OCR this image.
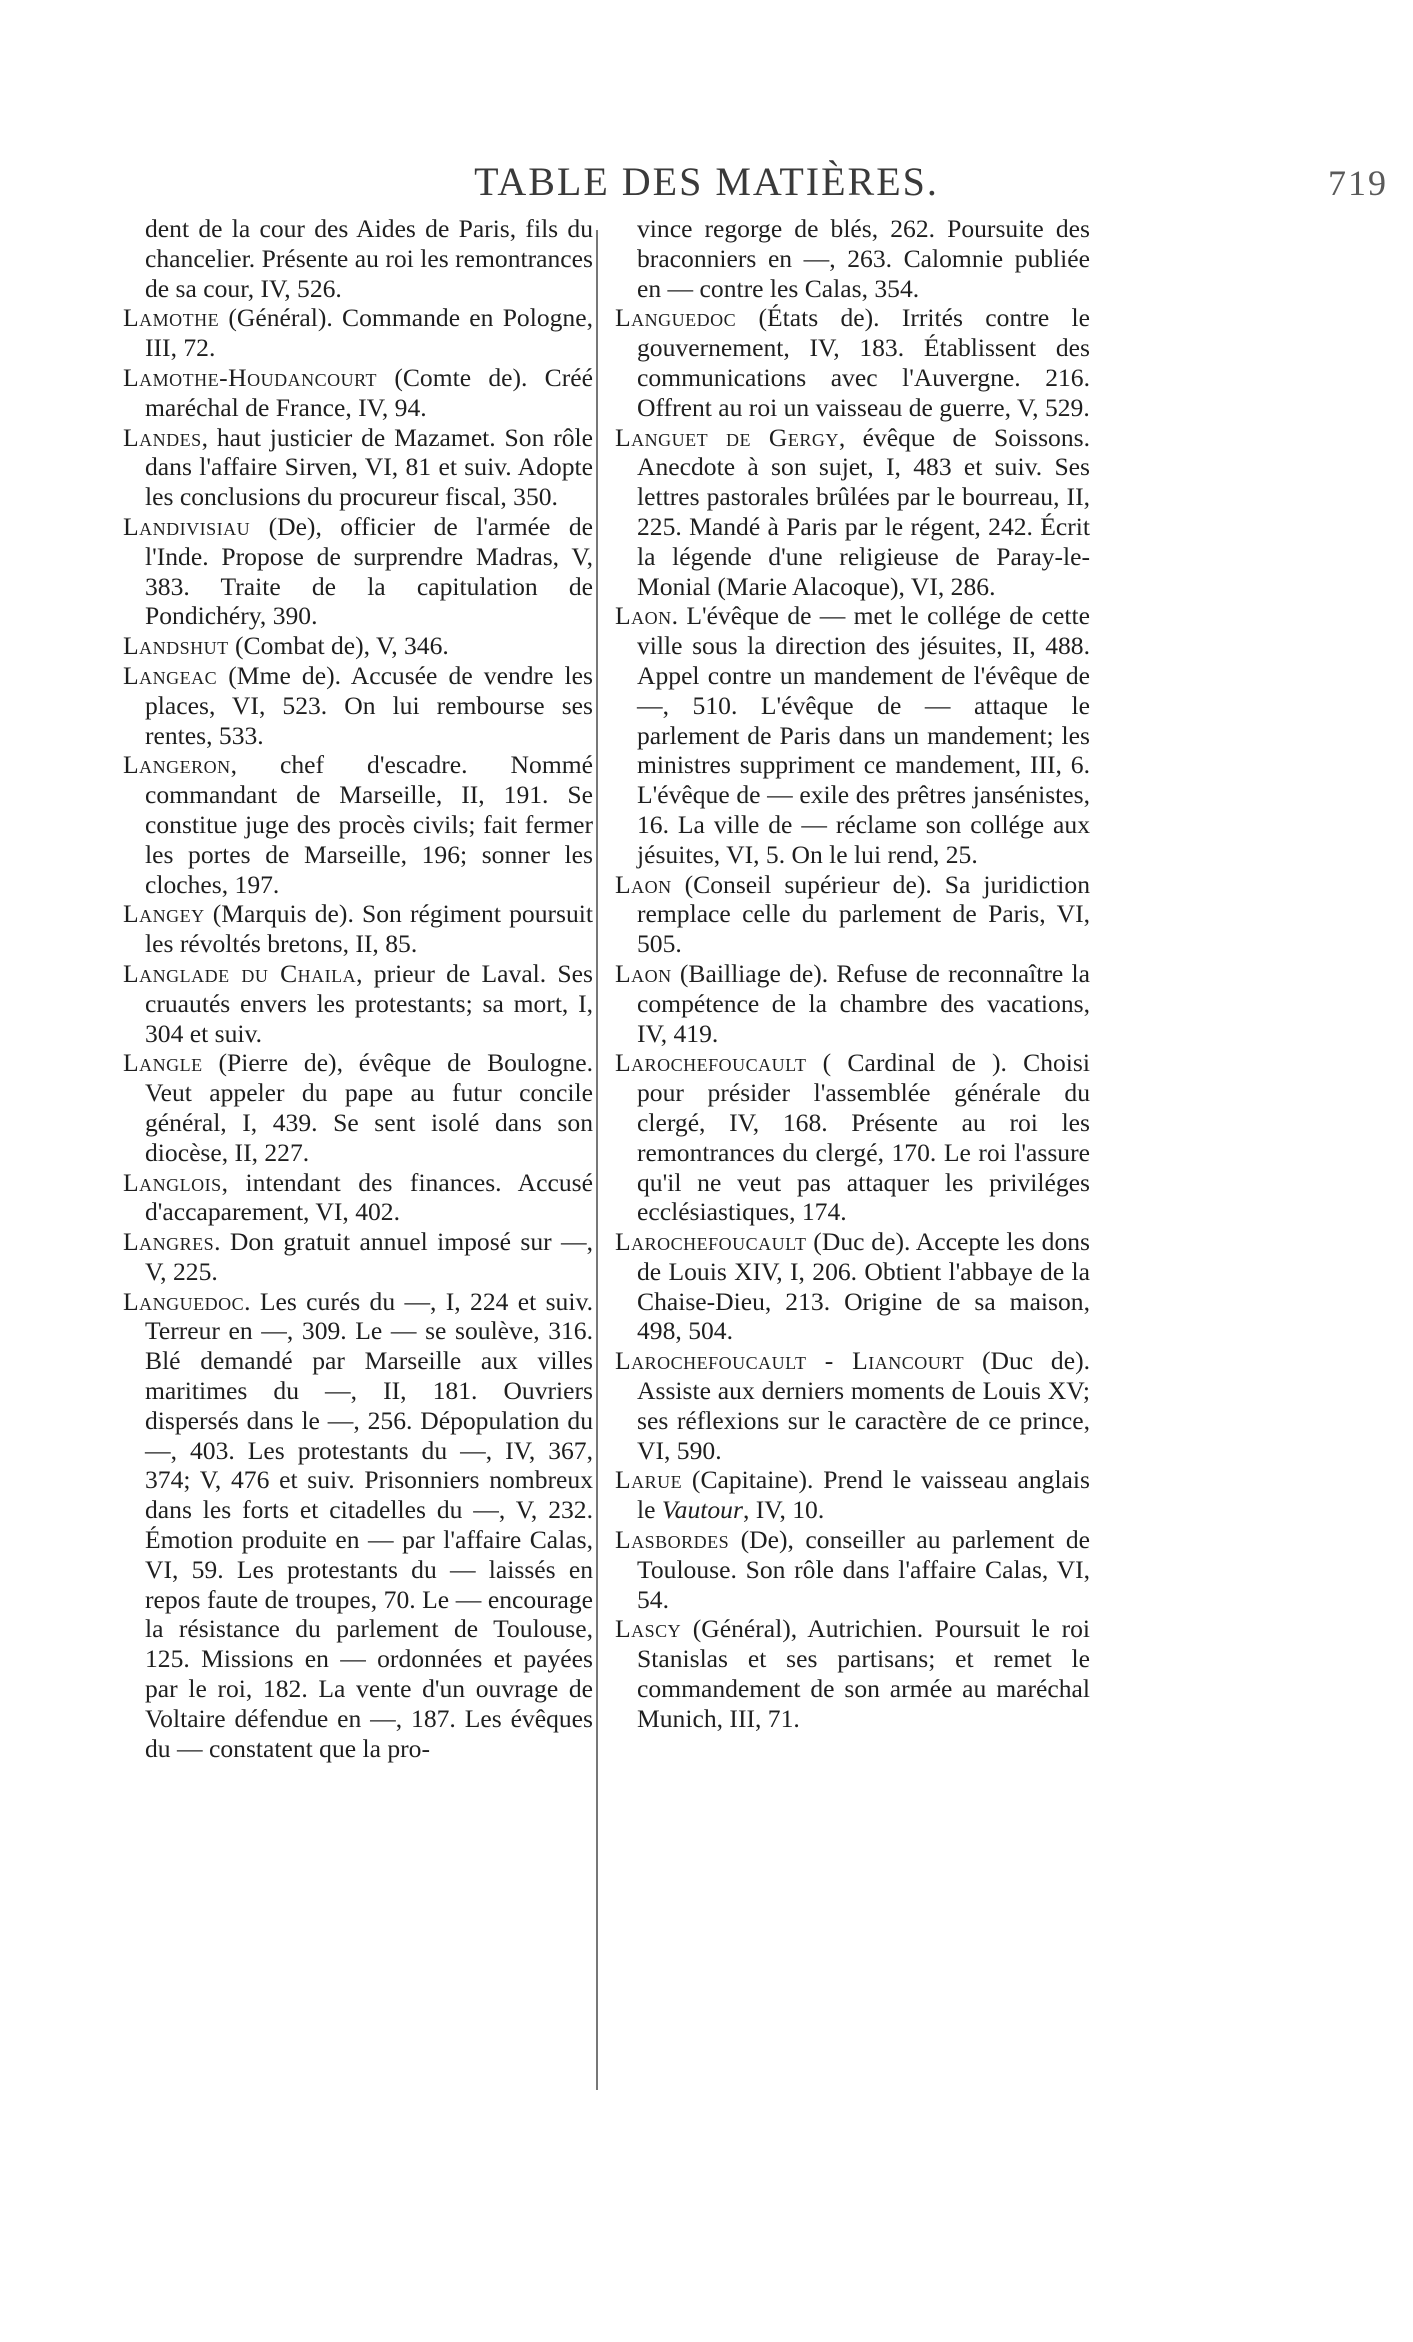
TABLE DES MATIÈRES.	719

dent de la cour des Aides de Paris, fils du chancelier. Présente au roi les remontrances de sa cour, IV, 526.

Lamothe (Général). Commande en Pologne, III, 72.

Lamothe-Houdancourt (Comte de). Créé maréchal de France, IV, 94.

Landes, haut justicier de Mazamet. Son rôle dans l'affaire Sirven, VI, 81 et suiv. Adopte les conclusions du procureur fiscal, 350.

Landivisiau (De), officier de l'armée de l'Inde. Propose de surprendre Madras, V, 383. Traite de la capitulation de Pondichéry, 390.

Landshut (Combat de), V, 346.

Langeac (Mme de). Accusée de vendre les places, VI, 523. On lui rembourse ses rentes, 533.

Langeron, chef d'escadre. Nommé commandant de Marseille, II, 191. Se constitue juge des procès civils; fait fermer les portes de Marseille, 196; sonner les cloches, 197.

Langey (Marquis de). Son régiment poursuit les révoltés bretons, II, 85.

Langlade du Chaila, prieur de Laval. Ses cruautés envers les protestants; sa mort, I, 304 et suiv.

Langle (Pierre de), évêque de Boulogne. Veut appeler du pape au futur concile général, I, 439. Se sent isolé dans son diocèse, II, 227.

Langlois, intendant des finances. Accusé d'accaparement, VI, 402.

Langres. Don gratuit annuel imposé sur —, V, 225.

Languedoc. Les curés du —, I, 224 et suiv. Terreur en —, 309. Le — se soulève, 316. Blé demandé par Marseille aux villes maritimes du —, II, 181. Ouvriers dispersés dans le —, 256. Dépopulation du —, 403. Les protestants du —, IV, 367, 374; V, 476 et suiv. Prisonniers nombreux dans les forts et citadelles du —, V, 232. Émotion produite en — par l'affaire Calas, VI, 59. Les protestants du — laissés en repos faute de troupes, 70. Le — encourage la résistance du parlement de Toulouse, 125. Missions en — ordonnées et payées par le roi, 182. La vente d'un ouvrage de Voltaire défendue en —, 187. Les évêques du — constatent que la pro-

vince regorge de blés, 262. Poursuite des braconniers en —, 263. Calomnie publiée en — contre les Calas, 354.

Languedoc (États de). Irrités contre le gouvernement, IV, 183. Établissent des communications avec l'Auvergne. 216. Offrent au roi un vaisseau de guerre, V, 529.

Languet de Gergy, évêque de Soissons. Anecdote à son sujet, I, 483 et suiv. Ses lettres pastorales brûlées par le bourreau, II, 225. Mandé à Paris par le régent, 242. Écrit la légende d'une religieuse de Paray-le-Monial (Marie Alacoque), VI, 286.

Laon. L'évêque de — met le collége de cette ville sous la direction des jésuites, II, 488. Appel contre un mandement de l'évêque de —, 510. L'évêque de — attaque le parlement de Paris dans un mandement; les ministres suppriment ce mandement, III, 6. L'évêque de — exile des prêtres jansénistes, 16. La ville de — réclame son collége aux jésuites, VI, 5. On le lui rend, 25.

Laon (Conseil supérieur de). Sa juridiction remplace celle du parlement de Paris, VI, 505.

Laon (Bailliage de). Refuse de reconnaître la compétence de la chambre des vacations, IV, 419.

Larochefoucault ( Cardinal de ). Choisi pour présider l'assemblée générale du clergé, IV, 168. Présente au roi les remontrances du clergé, 170. Le roi l'assure qu'il ne veut pas attaquer les priviléges ecclésiastiques, 174.

Larochefoucault (Duc de). Accepte les dons de Louis XIV, I, 206. Obtient l'abbaye de la Chaise-Dieu, 213. Origine de sa maison, 498, 504.

Larochefoucault - Liancourt (Duc de). Assiste aux derniers moments de Louis XV; ses réflexions sur le caractère de ce prince, VI, 590.

Larue (Capitaine). Prend le vaisseau anglais le Vautour, IV, 10.

Lasbordes (De), conseiller au parlement de Toulouse. Son rôle dans l'affaire Calas, VI, 54.

Lascy (Général), Autrichien. Poursuit le roi Stanislas et ses partisans; et remet le commandement de son armée au maréchal Munich, III, 71.
